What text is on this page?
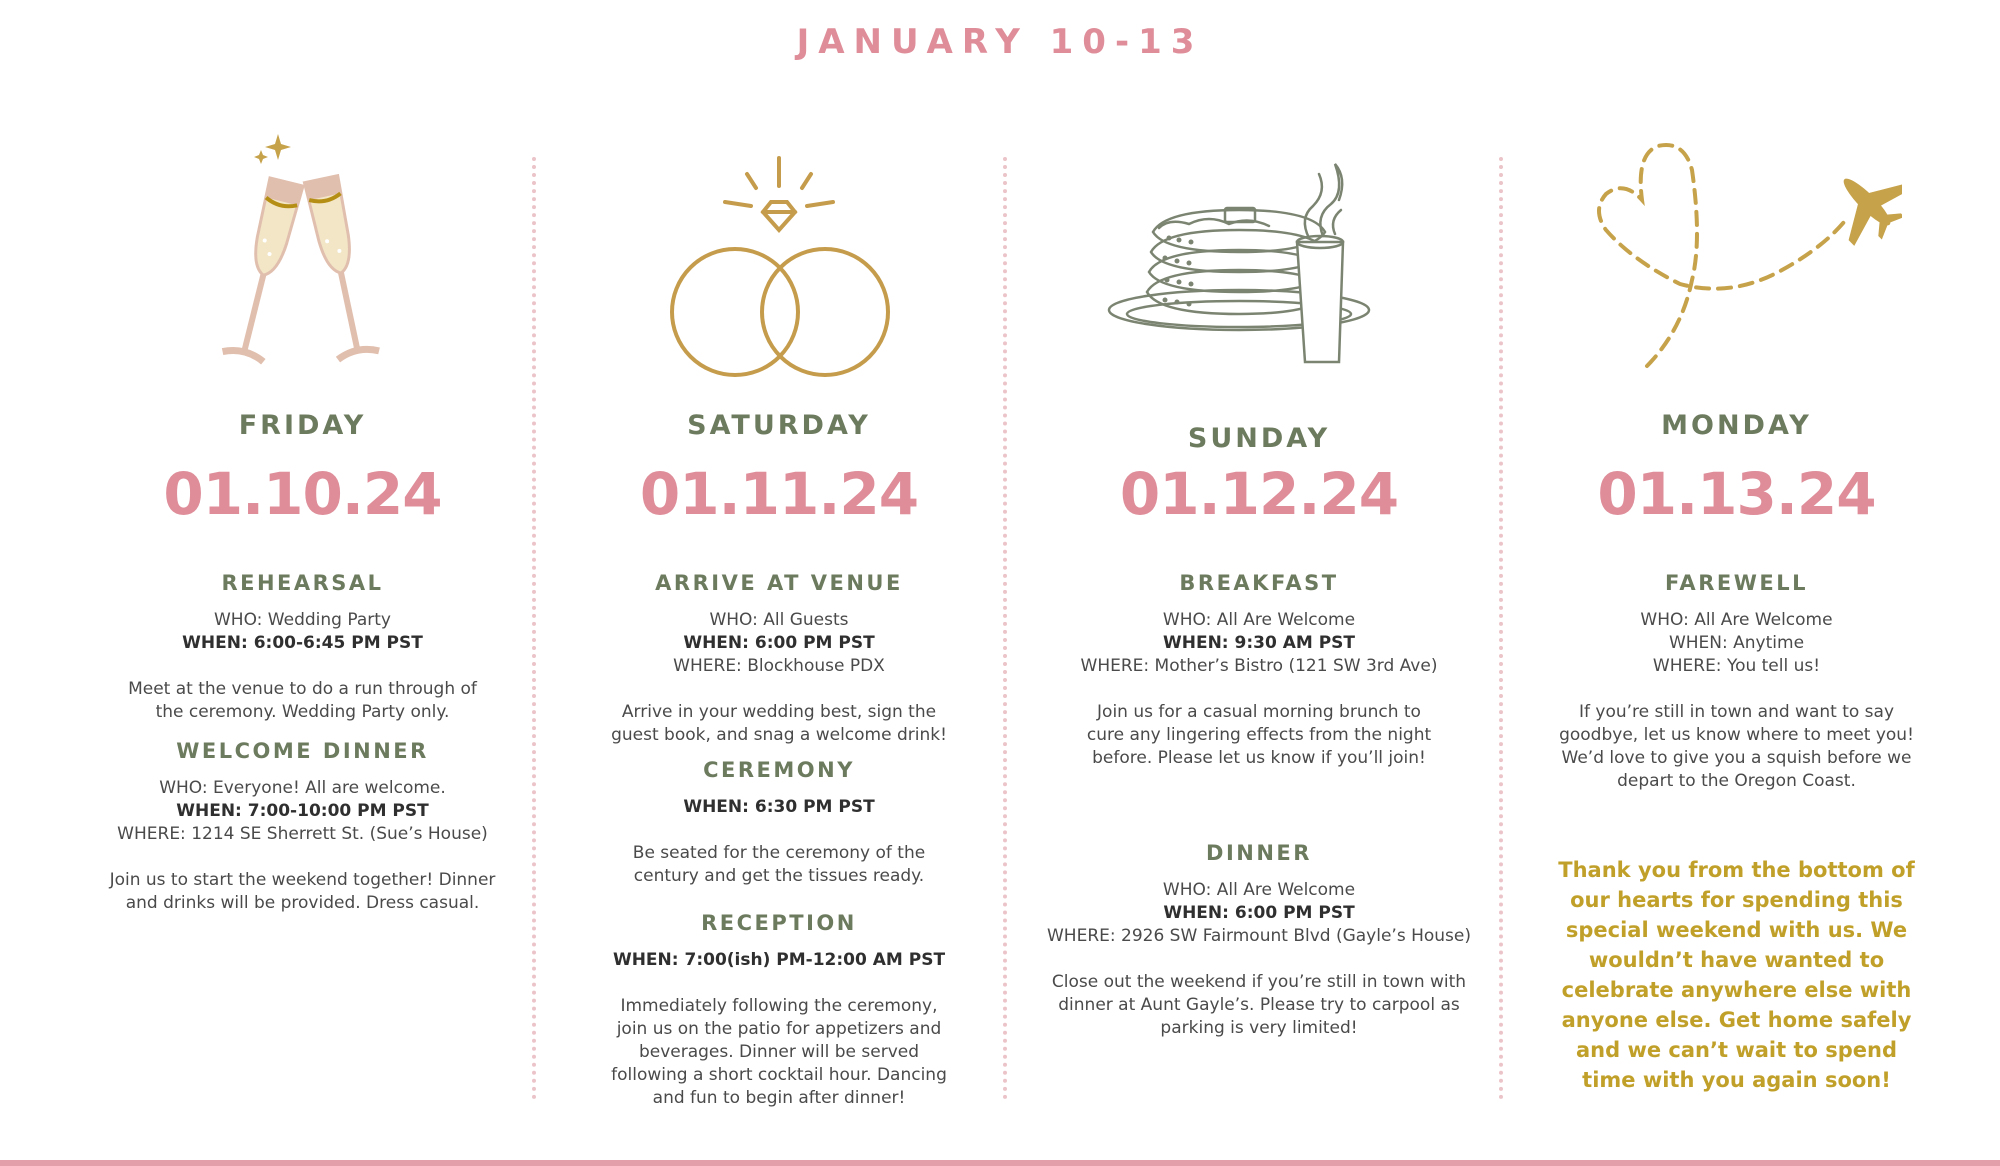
JANUARY 10-13
FRIDAY
01.10.24
REHEARSAL
WHO: Wedding Party
WHEN: 6:00-6:45 PM PST
Meet at the venue to do a run through of
the ceremony. Wedding Party only.
WELCOME DINNER
WHO: Everyone! All are welcome.
WHEN: 7:00-10:00 PM PST
WHERE: 1214 SE Sherrett St. (Sue’s House)
Join us to start the weekend together! Dinner
and drinks will be provided. Dress casual.
SATURDAY
01.11.24
ARRIVE AT VENUE
WHO: All Guests
WHEN: 6:00 PM PST
WHERE: Blockhouse PDX
Arrive in your wedding best, sign the
guest book, and snag a welcome drink!
CEREMONY
WHEN: 6:30 PM PST
Be seated for the ceremony of the
century and get the tissues ready.
RECEPTION
WHEN: 7:00(ish) PM-12:00 AM PST
Immediately following the ceremony,
join us on the patio for appetizers and
beverages. Dinner will be served
following a short cocktail hour. Dancing
and fun to begin after dinner!
SUNDAY
01.12.24
BREAKFAST
WHO: All Are Welcome
WHEN: 9:30 AM PST
WHERE: Mother’s Bistro (121 SW 3rd Ave)
Join us for a casual morning brunch to
cure any lingering effects from the night
before. Please let us know if you’ll join!
DINNER
WHO: All Are Welcome
WHEN: 6:00 PM PST
WHERE: 2926 SW Fairmount Blvd (Gayle’s House)
Close out the weekend if you’re still in town with
dinner at Aunt Gayle’s. Please try to carpool as
parking is very limited!
MONDAY
01.13.24
FAREWELL
WHO: All Are Welcome
WHEN: Anytime
WHERE: You tell us!
If you’re still in town and want to say
goodbye, let us know where to meet you!
We’d love to give you a squish before we
depart to the Oregon Coast.
Thank you from the bottom of
our hearts for spending this
special weekend with us. We
wouldn’t have wanted to
celebrate anywhere else with
anyone else. Get home safely
and we can’t wait to spend
time with you again soon!
